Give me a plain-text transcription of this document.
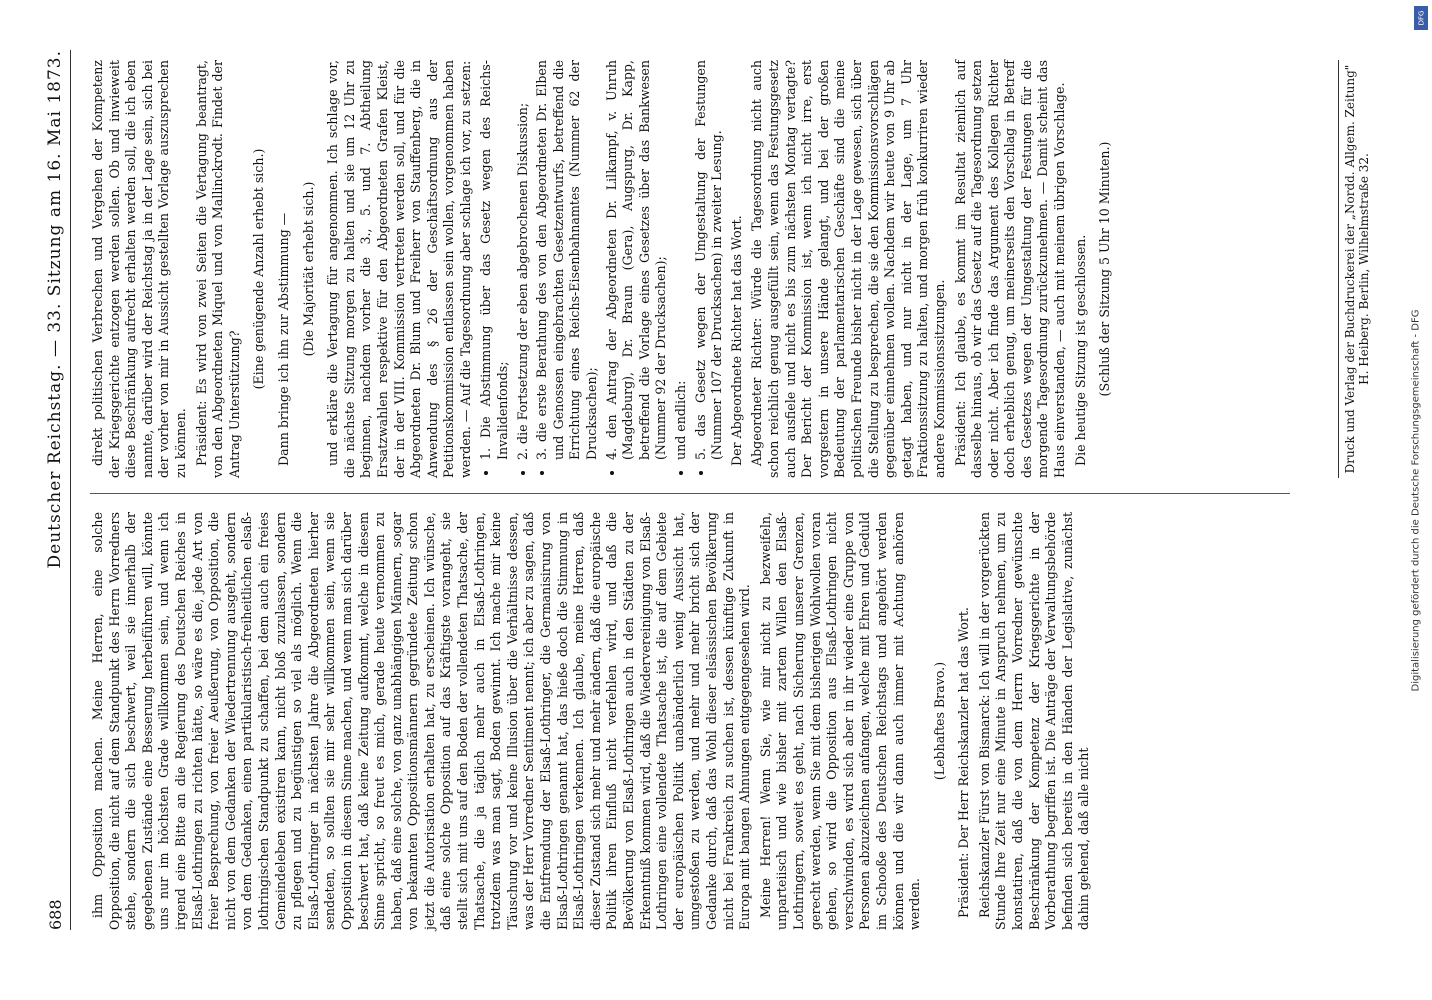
688
Deutscher Reichstag. — 33. Sitzung am 16. Mai 1873.

ihm Opposition machen. Meine Herren, eine solche Opposition, die nicht auf dem Standpunkt des Herrn Vorredners stehe, sondern die sich beschwert, weil sie innerhalb der gegebenen Zustände eine Besserung herbeiführen will, könnte uns nur im höchsten Grade willkommen sein, und wenn ich irgend eine Bitte an die Regierung des Deutschen Reiches in Elsaß-Lothringen zu richten hätte, so wäre es die, jede Art von freier Besprechung, von freier Aeußerung, von Opposition, die nicht von dem Gedanken der Wiedertrennung ausgeht, sondern von dem Gedanken, einen partikularistisch-freiheitlichen elsaß-lothringischen Standpunkt zu schaffen, bei dem auch ein freies Gemeindeleben existiren kann, nicht bloß zuzulassen, sondern zu pflegen und zu begünstigen so viel als möglich. Wenn die Elsaß-Lothringer in nächsten Jahre die Abgeordneten hierher sendeten, so sollten sie mir sehr willkommen sein, wenn sie Opposition in diesem Sinne machen, und wenn man sich darüber beschwert hat, daß keine Zeitung aufkommt, welche in diesem Sinne spricht, so freut es mich, gerade heute vernommen zu haben, daß eine solche, von ganz unabhängigen Männern, sogar von bekannten Oppositionsmännern gegründete Zeitung schon jetzt die Autorisation erhalten hat, zu erscheinen. Ich wünsche, daß eine solche Opposition auf das Kräftigste vorangeht, sie stellt sich mit uns auf den Boden der vollendeten Thatsache, der Thatsache, die ja täglich mehr auch in Elsaß-Lothringen, trotzdem was man sagt, Boden gewinnt. Ich mache mir keine Täuschung vor und keine Illusion über die Verhältnisse dessen, was der Herr Vorredner Sentiment nennt; ich aber zu sagen, daß die Entfremdung der Elsaß-Lothringer, die Germanisirung von Elsaß-Lothringen genannt hat, das hieße doch die Stimmung in Elsaß-Lothringen verkennen. Ich glaube, meine Herren, daß dieser Zustand sich mehr und mehr ändern, daß die europäische Politik ihren Einfluß nicht verfehlen wird, und daß die Bevölkerung von Elsaß-Lothringen auch in den Städten zu der Erkenntniß kommen wird, daß die Wiedervereinigung von Elsaß-Lothringen eine vollendete Thatsache ist, die auf dem Gebiete der europäischen Politik unabänderlich wenig Aussicht hat, umgestoßen zu werden, und mehr und mehr bricht sich der Gedanke durch, daß das Wohl dieser elsässischen Bevölkerung nicht bei Frankreich zu suchen ist, dessen künftige Zukunft in Europa mit bangen Ahnungen entgegengesehen wird. Meine Herren! Wenn Sie, wie mir nicht zu bezweifeln, unparteiisch und wie bisher mit zartem Willen den Elsaß-Lothringern, soweit es geht, nach Sicherung unserer Grenzen, gerecht werden, wenn Sie mit dem bisherigen Wohlwollen voran gehen, so wird die Opposition aus Elsaß-Lothringen nicht verschwinden, es wird sich aber in ihr wieder eine Gruppe von Personen abzuzeichnen anfangen, welche mit Ehren und Geduld im Schooße des Deutschen Reichstags und angehört werden können und die wir dann auch immer mit Achtung anhören werden.

(Lebhaftes Bravo.) Präsident: Der Herr Reichskanzler hat das Wort. Reichskanzler Fürst von Bismarck: Ich will in der vorgerückten Stunde Ihre Zeit nur eine Minute in Anspruch nehmen, um zu konstatiren, daß die von dem Herrn Vorredner gewünschte Beschränkung der Kompetenz der Kriegsgerichte in der Vorberathung begriffen ist. Die Anträge der Verwaltungsbehörde befinden sich bereits in den Händen der Legislative, zunächst dahin gehend, daß alle nicht

direkt politischen Verbrechen und Vergehen der Kompetenz der Kriegsgerichte entzogen werden sollen. Ob und inwieweit diese Beschränkung aufrecht erhalten werden soll, die ich eben nannte, darüber wird der Reichstag ja in der Lage sein, sich bei der vorher von mir in Aussicht gestellten Vorlage auszusprechen zu können. Präsident: Es wird von zwei Seiten die Vertagung beantragt, von den Abgeordneten Miquel und von Mallinckrodt. Findet der Antrag Unterstützung?

(Eine genügende Anzahl erhebt sich.) Dann bringe ich ihn zur Abstimmung — (Die Majorität erhebt sich.) und erkläre die Vertagung für angenommen. Ich schlage vor, die nächste Sitzung morgen zu halten und sie um 12 Uhr zu beginnen, nachdem vorher die 3., 5. und 7. Abtheilung Ersatzwahlen respektive für den Abgeordneten Grafen Kleist, der in der VIII. Kommission vertreten werden soll, und für die Abgeordneten Dr. Blum und Freiherr von Stauffenberg, die in Anwendung des § 26 der Geschäftsordnung aus der Petitionskommission entlassen sein wollen, vorgenommen haben werden. — Auf die Tagesordnung aber schlage ich vor, zu setzen: • 1. Die Abstimmung über das Gesetz wegen des Reichs-Invalidenfonds; • 2. die Fortsetzung der eben abgebrochenen Diskussion; • 3. die erste Berathung des von den Abgeordneten Dr. Elben und Genossen eingebrachten Gesetzentwurfs, betreffend die Errichtung eines Reichs-Eisenbahnamtes (Nummer 62 der Drucksachen); • 4. den Antrag der Abgeordneten Dr. Lilkampf, v. Unruh (Magdeburg), Dr. Braun (Gera), Augspurg, Dr. Kapp, betreffend die Vorlage eines Gesetzes über das Bankwesen (Nummer 92 der Drucksachen); • und endlich: • 5. das Gesetz wegen der Umgestaltung der Festungen (Nummer 107 der Drucksachen) in zweiter Lesung. Der Abgeordnete Richter hat das Wort. Abgeordneter Richter: Würde die Tagesordnung nicht auch schon reichlich genug ausgefüllt sein, wenn das Festungsgesetz auch ausfiele und nicht es bis zum nächsten Montag vertagte? Der Bericht der Kommission ist, wenn ich nicht irre, erst vorgestern in unsere Hände gelangt, und bei der großen Bedeutung der parlamentarischen Geschäfte sind die meine politischen Freunde bisher nicht in der Lage gewesen, sich über die Stellung zu besprechen, die sie den Kommissionsvorschlägen gegenüber einnehmen wollen. Nachdem wir heute von 9 Uhr ab getagt haben, und nur nicht in der Lage, um 7 Uhr Fraktionssitzung zu halten, und morgen früh konkurriren wieder andere Kommissionssitzungen. Präsident: Ich glaube, es kommt im Resultat ziemlich auf dasselbe hinaus, ob wir das Gesetz auf die Tagesordnung setzen oder nicht. Aber ich finde das Argument des Kollegen Richter doch erheblich genug, um meinerseits den Vorschlag in Betreff des Gesetzes wegen der Umgestaltung der Festungen für die morgende Tagesordnung zurückzunehmen. — Damit scheint das Haus einverstanden, — auch mit meinem übrigen Vorschlage. Die heutige Sitzung ist geschlossen. (Schluß der Sitzung 5 Uhr 10 Minuten.)	Druck und Verlag der Buchdruckerei der „Nordd. Allgem. Zeitung" H. Heiberg. Berlin, Wilhelmstraße 32.
DFG
Digitalisierung gefördert durch die Deutsche Forschungsgemeinschaft - DFG
